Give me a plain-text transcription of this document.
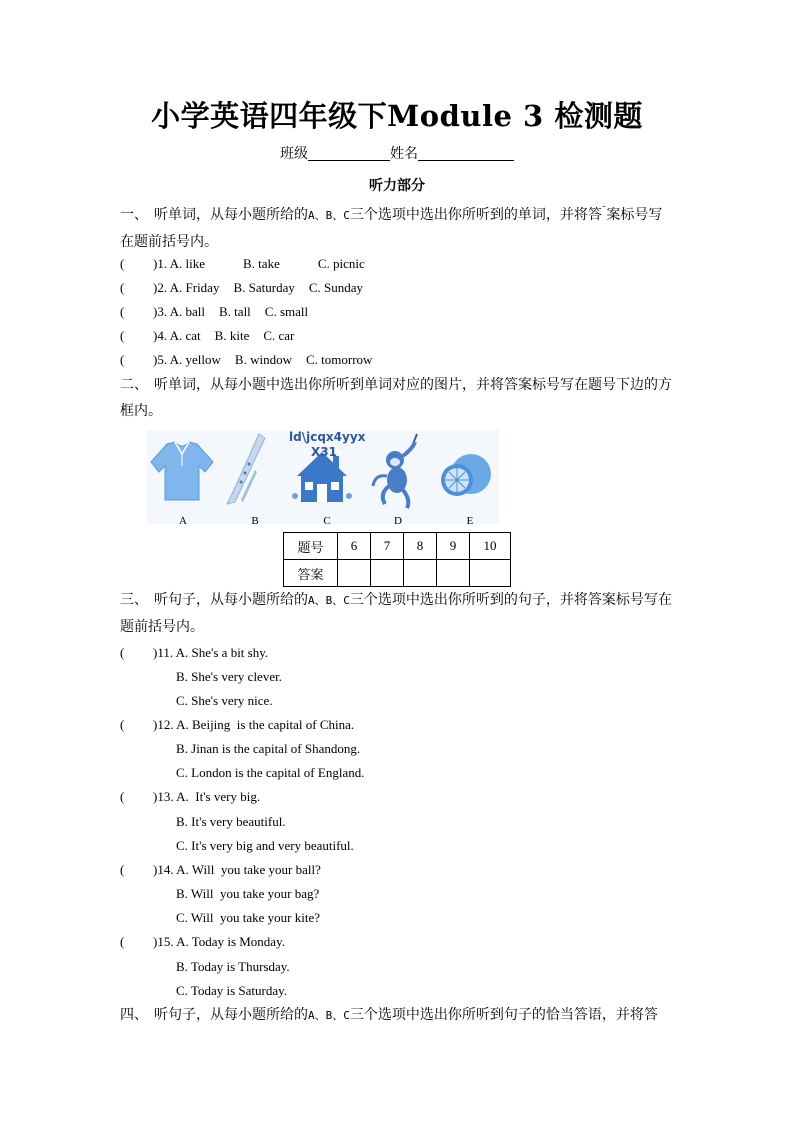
小学英语四年级下Module 3 检测题
班级	姓名
听力部分
一、 听单词，从每小题所给的A、B、C三个选项中选出你所听到的单词，并将答¨案标号写在题前括号内。
( )1. A. like	B. take	C. picnic
( )2. A. Friday B. Saturday C. Sunday
( )3. A. ball B. tall C. small
( )4. A. cat B. kite C. car
( )5. A. yellow B. window C. tomorrow
二、 听单词，从每小题中选出你所听到单词对应的图片，并将答案标号写在题号下边的方框内。
ld\jcqx4yyx
X31
A	B	C	D	E
题号	6	7	8	9	10
答案					
三、 听句子，从每小题所给的A、B、C三个选项中选出你所听到的句子，并将答案标号写在题前括号内。
( )11. A. She's a bit shy.
B. She's very clever.
C. She's very nice.
( )12. A. Beijing  is the capital of China.
B. Jinan is the capital of Shandong.
C. London is the capital of England.
( )13. A.  It's very big.
B. It's very beautiful.
C. It's very big and very beautiful.
( )14. A. Will  you take your ball?
B. Will  you take your bag?
C. Will  you take your kite?
( )15. A. Today is Monday.
B. Today is Thursday.
C. Today is Saturday.
四、 听句子，从每小题所给的A、B、C三个选项中选出你所听到句子的恰当答语，并将答
